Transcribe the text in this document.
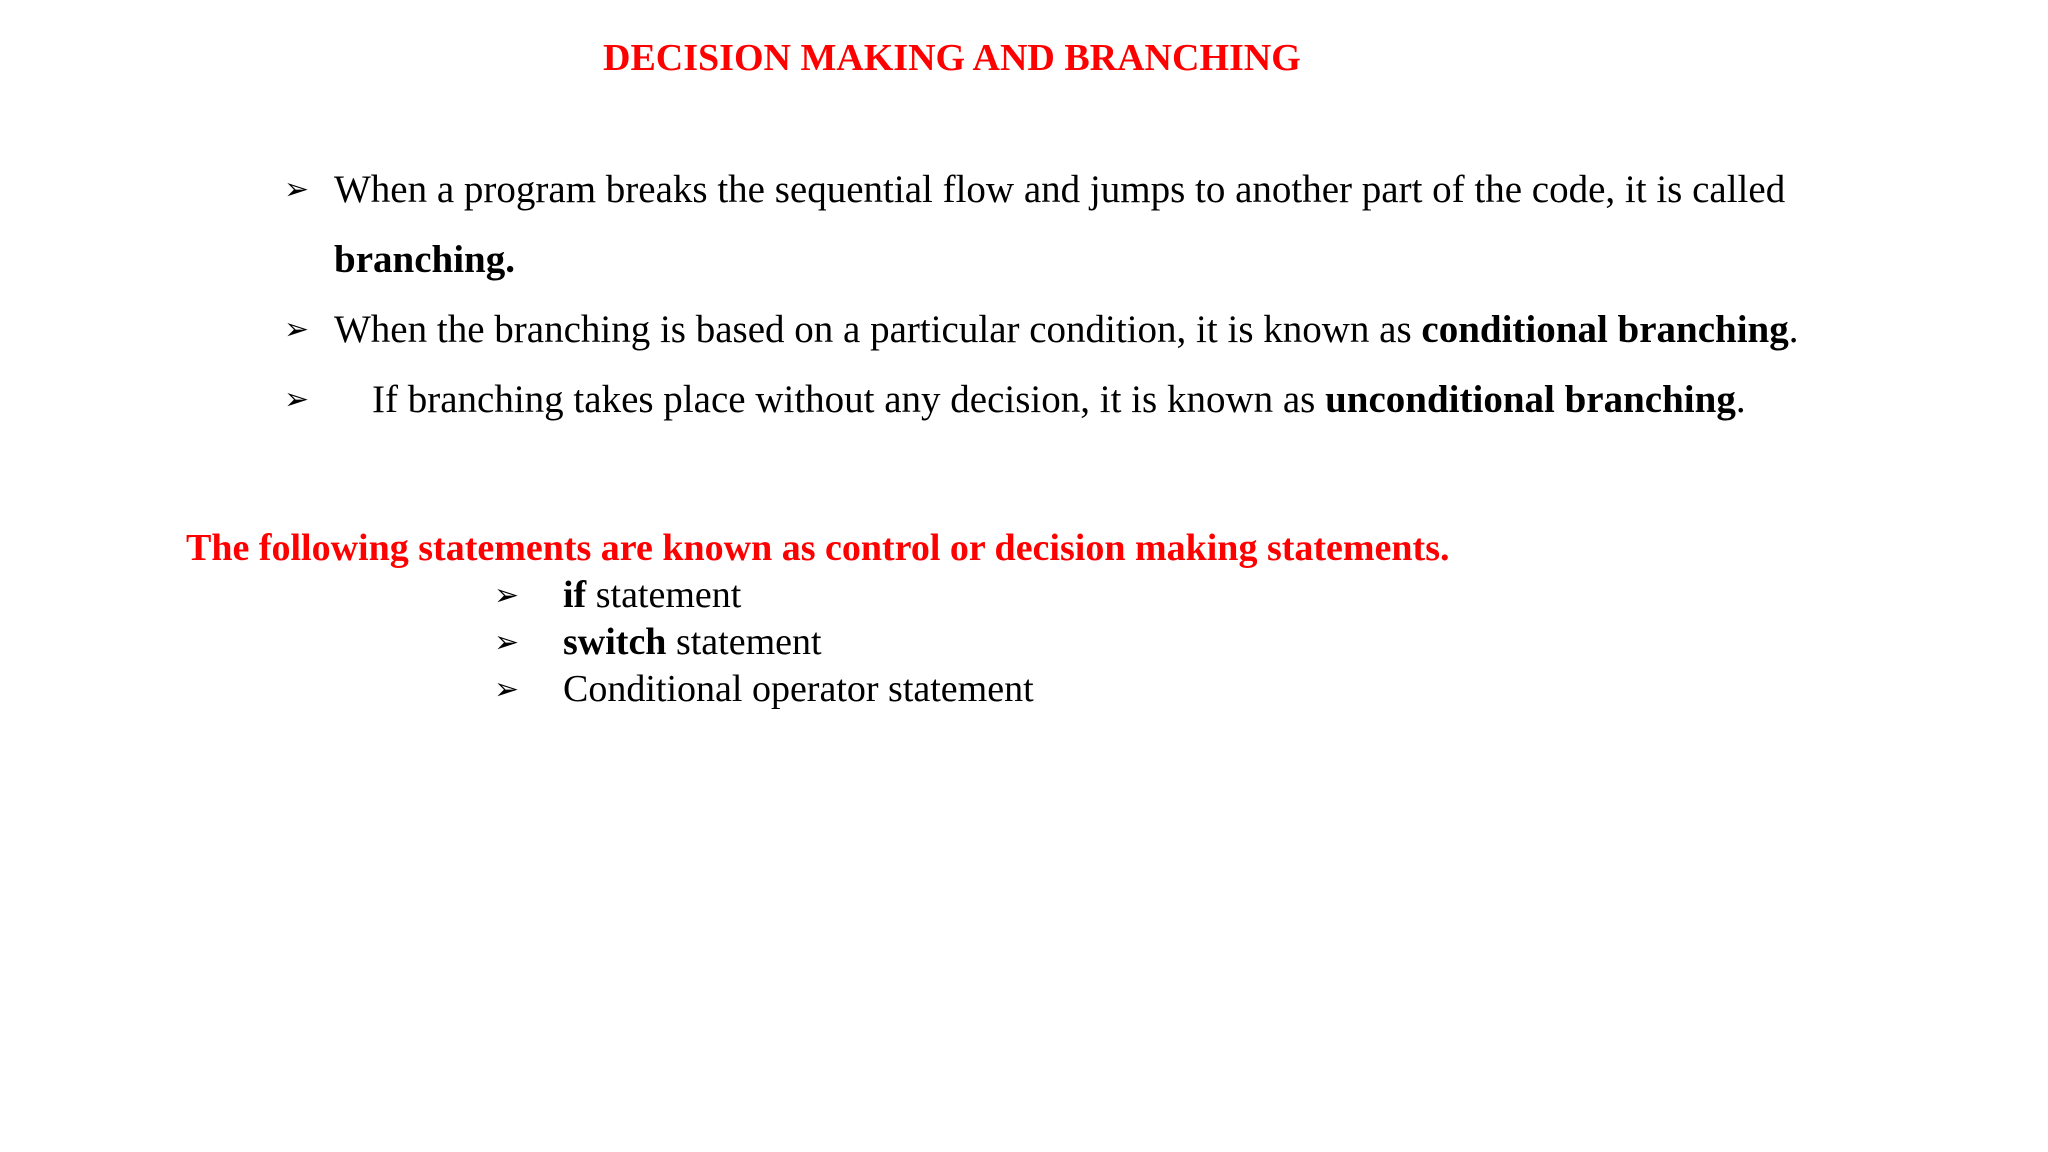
DECISION MAKING AND BRANCHING
➢ When a program breaks the sequential flow and jumps to another part of the code, it is called
branching.
➢ When the branching is based on a particular condition, it is known as conditional branching.
➢ If branching takes place without any decision, it is known as unconditional branching.

The following statements are known as control or decision making statements.

➢ if statement
➢ switch statement
➢ Conditional operator statement
